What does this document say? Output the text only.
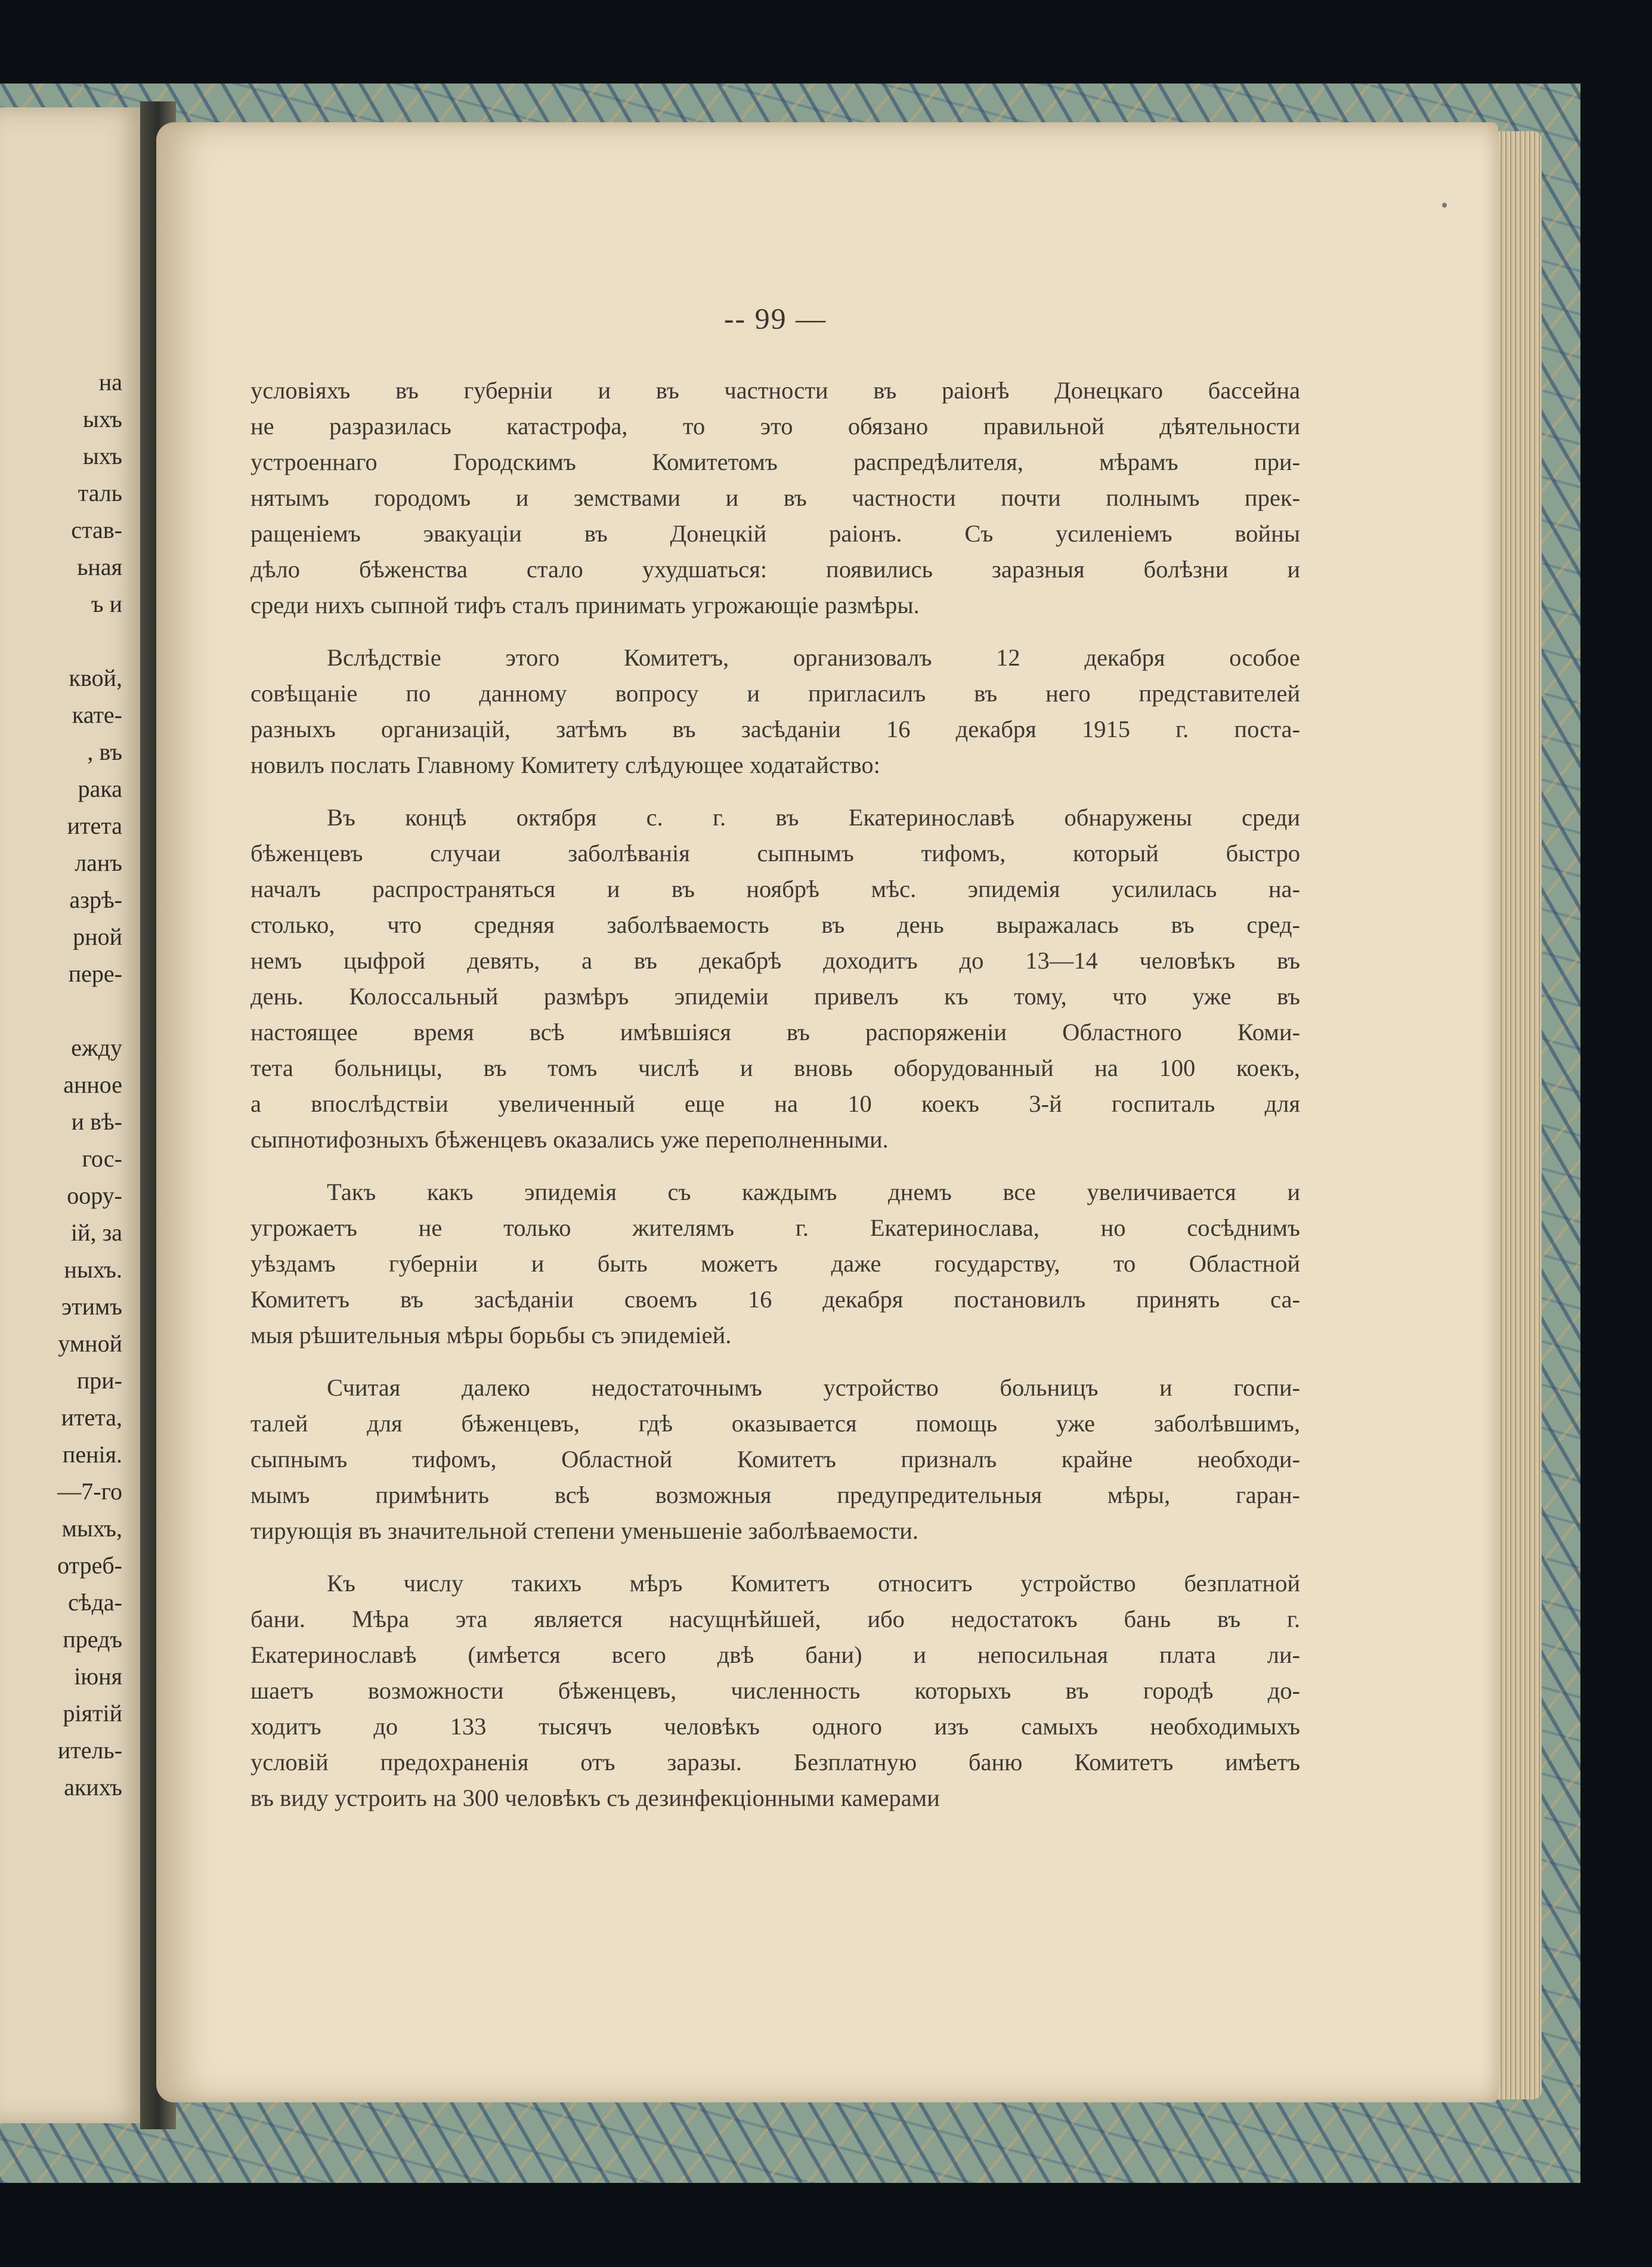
на
ыхъ
ыхъ
таль
став-
ьная
ъ и
квой,
кате-
, въ
рака
итета
ланъ
азрѣ-
рной
пере-
ежду
анное
и вѣ-
гос-
ooру-
ій, за
ныхъ.
этимъ
умной
при-
итета,
пенія.
—7-го
мыхъ,
отреб-
сѣда-
предъ
іюня
ріятій
итель-
акихъ
-- 99 —
условіяхъ въ губерніи и въ частности въ раіонѣ Донецкаго бассейна
не разразилась катастрофа, то это обязано правильной дѣятельности
устроеннаго Городскимъ Комитетомъ распредѣлителя, мѣрамъ при-
нятымъ городомъ и земствами и въ частности почти полнымъ прек-
ращеніемъ эвакуаціи въ Донецкій раіонъ. Съ усиленіемъ войны
дѣло бѣженства стало ухудшаться: появились заразныя болѣзни и
среди нихъ сыпной тифъ сталъ принимать угрожающіе размѣры.
Вслѣдствіе этого Комитетъ, организовалъ 12 декабря особое
совѣщаніе по данному вопросу и пригласилъ въ него представителей
разныхъ организацій, затѣмъ въ засѣданіи 16 декабря 1915 г. поста-
новилъ послать Главному Комитету слѣдующее ходатайство:
Въ концѣ октября с. г. въ Екатеринославѣ обнаружены среди
бѣженцевъ случаи заболѣванія сыпнымъ тифомъ, который быстро
началъ распространяться и въ ноябрѣ мѣс. эпидемія усилилась на-
столько, что средняя заболѣваемость въ день выражалась въ сред-
немъ цыфрой девять, а въ декабрѣ доходитъ до 13—14 человѣкъ въ
день. Колоссальный размѣръ эпидеміи привелъ къ тому, что уже въ
настоящее время всѣ имѣвшіяся въ распоряженіи Областного Коми-
тета больницы, въ томъ числѣ и вновь оборудованный на 100 коекъ,
а впослѣдствіи увеличенный еще на 10 коекъ 3-й госпиталь для
сыпнотифозныхъ бѣженцевъ оказались уже переполненными.
Такъ какъ эпидемія съ каждымъ днемъ все увеличивается и
угрожаетъ не только жителямъ г. Екатеринослава, но сосѣднимъ
уѣздамъ губерніи и быть можетъ даже государству, то Областной
Комитетъ въ засѣданіи своемъ 16 декабря постановилъ принять са-
мыя рѣшительныя мѣры борьбы съ эпидеміей.
Считая далеко недостаточнымъ устройство больницъ и госпи-
талей для бѣженцевъ, гдѣ оказывается помощь уже заболѣвшимъ,
сыпнымъ тифомъ, Областной Комитетъ призналъ крайне необходи-
мымъ примѣнить всѣ возможныя предупредительныя мѣры, гаран-
тирующія въ значительной степени уменьшеніе заболѣваемости.
Къ числу такихъ мѣръ Комитетъ относитъ устройство безплатной
бани. Мѣра эта является насущнѣйшей, ибо недостатокъ бань въ г.
Екатеринославѣ (имѣется всего двѣ бани) и непосильная плата ли-
шаетъ возможности бѣженцевъ, численность которыхъ въ городѣ до-
ходитъ до 133 тысячъ человѣкъ одного изъ самыхъ необходимыхъ
условій предохраненія отъ заразы. Безплатную баню Комитетъ имѣетъ
въ виду устроить на 300 человѣкъ съ дезинфекціонными камерами
